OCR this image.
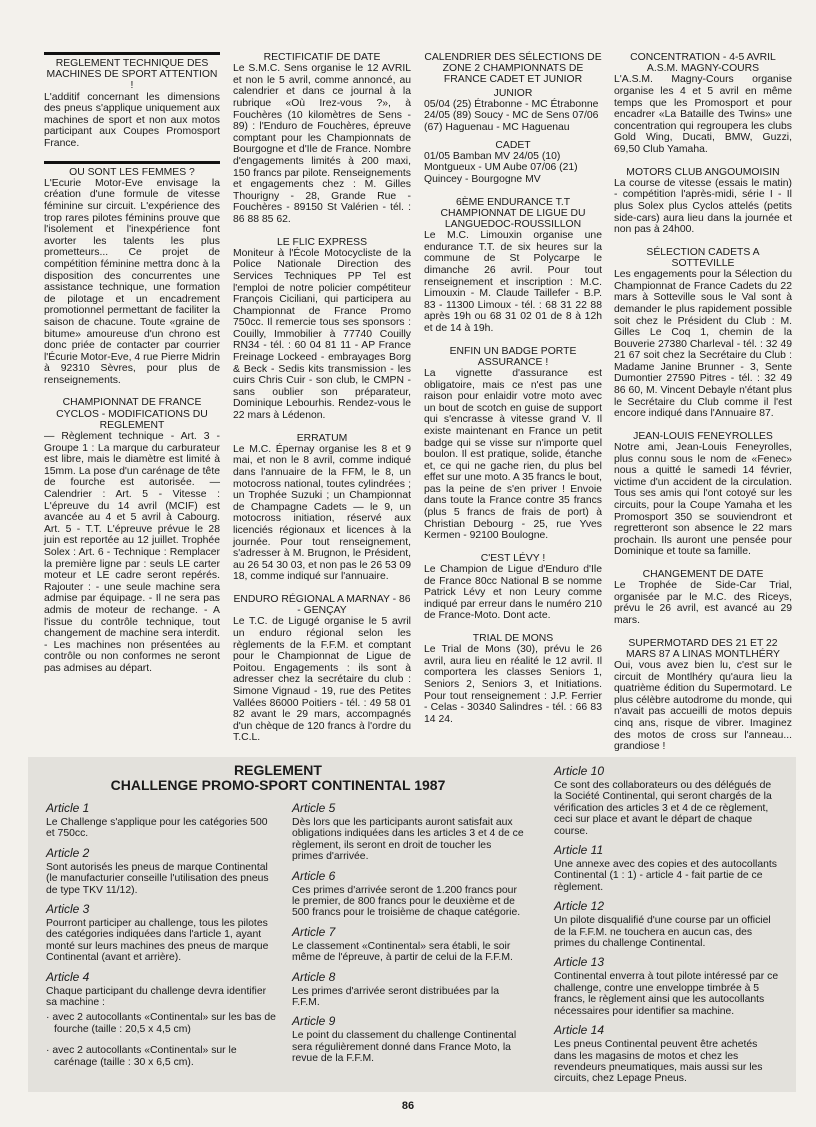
REGLEMENT TECHNIQUE DES MACHINES DE SPORT ATTENTION !

L'additif concernant les dimensions des pneus s'applique uniquement aux machines de sport et non aux motos participant aux Coupes Promosport France.

OU SONT LES FEMMES ?

L'Ecurie Motor-Eve envisage la création d'une formule de vitesse féminine sur circuit. L'expérience des trop rares pilotes féminins prouve que l'isolement et l'inexpérience font avorter les talents les plus prometteurs... Ce projet de compétition féminine mettra donc à la disposition des concurrentes une assistance technique, une formation de pilotage et un encadrement promotionnel permettant de faciliter la saison de chacune. Toute «graine de bitume» amoureuse d'un chrono est donc priée de contacter par courrier l'Écurie Motor-Eve, 4 rue Pierre Midrin à 92310 Sèvres, pour plus de renseignements.

CHAMPIONNAT DE FRANCE CYCLOS - MODIFICATIONS DU REGLEMENT

— Règlement technique - Art. 3 - Groupe 1 : La marque du carburateur est libre, mais le diamètre est limité à 15mm. La pose d'un carénage de tête de fourche est autorisée. — Calendrier : Art. 5 - Vitesse : L'épreuve du 14 avril (MCIF) est avancée au 4 et 5 avril à Cabourg. Art. 5 - T.T. L'épreuve prévue le 28 juin est reportée au 12 juillet. Trophée Solex : Art. 6 - Technique : Remplacer la première ligne par : seuls LE carter moteur et LE cadre seront repérés. Rajouter : - une seule machine sera admise par équipage. - Il ne sera pas admis de moteur de rechange. - A l'issue du contrôle technique, tout changement de machine sera interdit. - Les machines non présentées au contrôle ou non conformes ne seront pas admises au départ.

RECTIFICATIF DE DATE

Le S.M.C. Sens organise le 12 AVRIL et non le 5 avril, comme annoncé, au calendrier et dans ce journal à la rubrique «Où Irez-vous ?», à Fouchères (10 kilomètres de Sens - 89) : l'Enduro de Fouchères, épreuve comptant pour les Championnats de Bourgogne et d'Ile de France. Nombre d'engagements limités à 200 maxi, 150 francs par pilote. Renseignements et engagements chez : M. Gilles Thourigny - 28, Grande Rue - Fouchères - 89150 St Valérien - tél. : 86 88 85 62.

LE FLIC EXPRESS

Moniteur à l'École Motocycliste de la Police Nationale Direction des Services Techniques PP Tel est l'emploi de notre policier compétiteur François Ciciliani, qui participera au Championnat de France Promo 750cc. Il remercie tous ses sponsors : Couilly, Immobilier à 77740 Couilly RN34 - tél. : 60 04 81 11 - AP France Freinage Lockeed - embrayages Borg & Beck - Sedis kits transmission - les cuirs Chris Cuir - son club, le CMPN - sans oublier son préparateur, Dominique Lebourhis. Rendez-vous le 22 mars à Lédenon.

ERRATUM

Le M.C. Épernay organise les 8 et 9 mai, et non le 8 avril, comme indiqué dans l'annuaire de la FFM, le 8, un motocross national, toutes cylindrées ; un Trophée Suzuki ; un Championnat de Champagne Cadets — le 9, un motocross initiation, réservé aux licenciés régionaux et licences à la journée. Pour tout renseignement, s'adresser à M. Brugnon, le Président, au 26 54 30 03, et non pas le 26 53 09 18, comme indiqué sur l'annuaire.

ENDURO RÉGIONAL A MARNAY - 86 - GENÇAY

Le T.C. de Ligugé organise le 5 avril un enduro régional selon les règlements de la F.F.M. et comptant pour le Championnat de Ligue de Poitou. Engagements : ils sont à adresser chez la secrétaire du club : Simone Vignaud - 19, rue des Petites Vallées 86000 Poitiers - tél. : 49 58 01 82 avant le 29 mars, accompagnés d'un chèque de 120 francs à l'ordre du T.C.L.

CALENDRIER DES SÉLECTIONS DE ZONE 2 CHAMPIONNATS DE FRANCE CADET ET JUNIOR

JUNIOR

05/04 (25) Étrabonne - MC Étrabonne 24/05 (89) Soucy - MC de Sens 07/06 (67) Haguenau - MC Haguenau

CADET

01/05 Bamban MV 24/05 (10) Montgueux - UM Aube 07/06 (21) Quincey - Bourgogne MV

6ÈME ENDURANCE T.T CHAMPIONNAT DE LIGUE DU LANGUEDOC-ROUSSILLON

Le M.C. Limouxin organise une endurance T.T. de six heures sur la commune de St Polycarpe le dimanche 26 avril. Pour tout renseignement et inscription : M.C. Limouxin - M. Claude Taillefer - B.P. 83 - 11300 Limoux - tél. : 68 31 22 88 après 19h ou 68 31 02 01 de 8 à 12h et de 14 à 19h.

ENFIN UN BADGE PORTE ASSURANCE !

La vignette d'assurance est obligatoire, mais ce n'est pas une raison pour enlaidir votre moto avec un bout de scotch en guise de support qui s'encrasse à vitesse grand V. Il existe maintenant en France un petit badge qui se visse sur n'importe quel boulon. Il est pratique, solide, étanche et, ce qui ne gache rien, du plus bel effet sur une moto. A 35 francs le bout, pas la peine de s'en priver ! Envoie dans toute la France contre 35 francs (plus 5 francs de frais de port) à Christian Debourg - 25, rue Yves Kermen - 92100 Boulogne.

C'EST LÉVY !

Le Champion de Ligue d'Enduro d'Ile de France 80cc National B se nomme Patrick Lévy et non Leury comme indiqué par erreur dans le numéro 210 de France-Moto. Dont acte.

TRIAL DE MONS

Le Trial de Mons (30), prévu le 26 avril, aura lieu en réalité le 12 avril. Il comportera les classes Seniors 1, Seniors 2, Seniors 3, et Initiations. Pour tout renseignement : J.P. Ferrier - Celas - 30340 Salindres - tél. : 66 83 14 24.

CONCENTRATION - 4-5 AVRIL A.S.M. MAGNY-COURS

L'A.S.M. Magny-Cours organise organise les 4 et 5 avril en même temps que les Promosport et pour encadrer «La Bataille des Twins» une concentration qui regroupera les clubs Gold Wing, Ducati, BMW, Guzzi, 69,50 Club Yamaha.

MOTORS CLUB ANGOUMOISIN

La course de vitesse (essais le matin) - compétition l'après-midi, série I - Il plus Solex plus Cyclos attelés (petits side-cars) aura lieu dans la journée et non pas à 24h00.

SÉLECTION CADETS A SOTTEVILLE

Les engagements pour la Sélection du Championnat de France Cadets du 22 mars à Sotteville sous le Val sont à demander le plus rapidement possible soit chez le Président du Club : M. Gilles Le Coq 1, chemin de la Bouverie 27380 Charleval - tél. : 32 49 21 67 soit chez la Secrétaire du Club : Madame Janine Brunner - 3, Sente Dumontier 27590 Pitres - tél. : 32 49 86 60, M. Vincent Debayle n'étant plus le Secrétaire du Club comme il l'est encore indiqué dans l'Annuaire 87.

JEAN-LOUIS FENEYROLLES

Notre ami, Jean-Louis Feneyrolles, plus connu sous le nom de «Fenec» nous a quitté le samedi 14 février, victime d'un accident de la circulation. Tous ses amis qui l'ont cotoyé sur les circuits, pour la Coupe Yamaha et les Promosport 350 se souviendront et regretteront son absence le 22 mars prochain. Ils auront une pensée pour Dominique et toute sa famille.

CHANGEMENT DE DATE

Le Trophée de Side-Car Trial, organisée par le M.C. des Riceys, prévu le 26 avril, est avancé au 29 mars.

SUPERMOTARD DES 21 ET 22 MARS 87 A LINAS MONTLHÉRY

Oui, vous avez bien lu, c'est sur le circuit de Montlhéry qu'aura lieu la quatrième édition du Supermotard. Le plus célèbre autodrome du monde, qui n'avait pas accueilli de motos depuis cinq ans, risque de vibrer. Imaginez des motos de cross sur l'anneau... grandiose !

REGLEMENT
CHALLENGE PROMO-SPORT CONTINENTAL 1987

Article 1

Le Challenge s'applique pour les catégories 500 et 750cc.

Article 2

Sont autorisés les pneus de marque Continental (le manufacturier conseille l'utilisation des pneus de type TKV 11/12).

Article 3

Pourront participer au challenge, tous les pilotes des catégories indiquées dans l'article 1, ayant monté sur leurs machines des pneus de marque Continental (avant et arrière).

Article 4

Chaque participant du challenge devra identifier sa machine :

· avec 2 autocollants «Continental» sur les bas de fourche (taille : 20,5 x 4,5 cm)
· avec 2 autocollants «Continental» sur le carénage (taille : 30 x 6,5 cm).

Article 5

Dès lors que les participants auront satisfait aux obligations indiquées dans les articles 3 et 4 de ce règlement, ils seront en droit de toucher les primes d'arrivée.

Article 6

Ces primes d'arrivée seront de 1.200 francs pour le premier, de 800 francs pour le deuxième et de 500 francs pour le troisième de chaque catégorie.

Article 7

Le classement «Continental» sera établi, le soir même de l'épreuve, à partir de celui de la F.F.M.

Article 8

Les primes d'arrivée seront distribuées par la F.F.M.

Article 9

Le point du classement du challenge Continental sera régulièrement donné dans France Moto, la revue de la F.F.M.

Article 10

Ce sont des collaborateurs ou des délégués de la Société Continental, qui seront chargés de la vérification des articles 3 et 4 de ce règlement, ceci sur place et avant le départ de chaque course.

Article 11

Une annexe avec des copies et des autocollants Continental (1 : 1) - article 4 - fait partie de ce règlement.

Article 12

Un pilote disqualifié d'une course par un officiel de la F.F.M. ne touchera en aucun cas, des primes du challenge Continental.

Article 13

Continental enverra à tout pilote intéressé par ce challenge, contre une enveloppe timbrée à 5 francs, le règlement ainsi que les autocollants nécessaires pour identifier sa machine.

Article 14

Les pneus Continental peuvent être achetés dans les magasins de motos et chez les revendeurs pneumatiques, mais aussi sur les circuits, chez Lepage Pneus.

86
